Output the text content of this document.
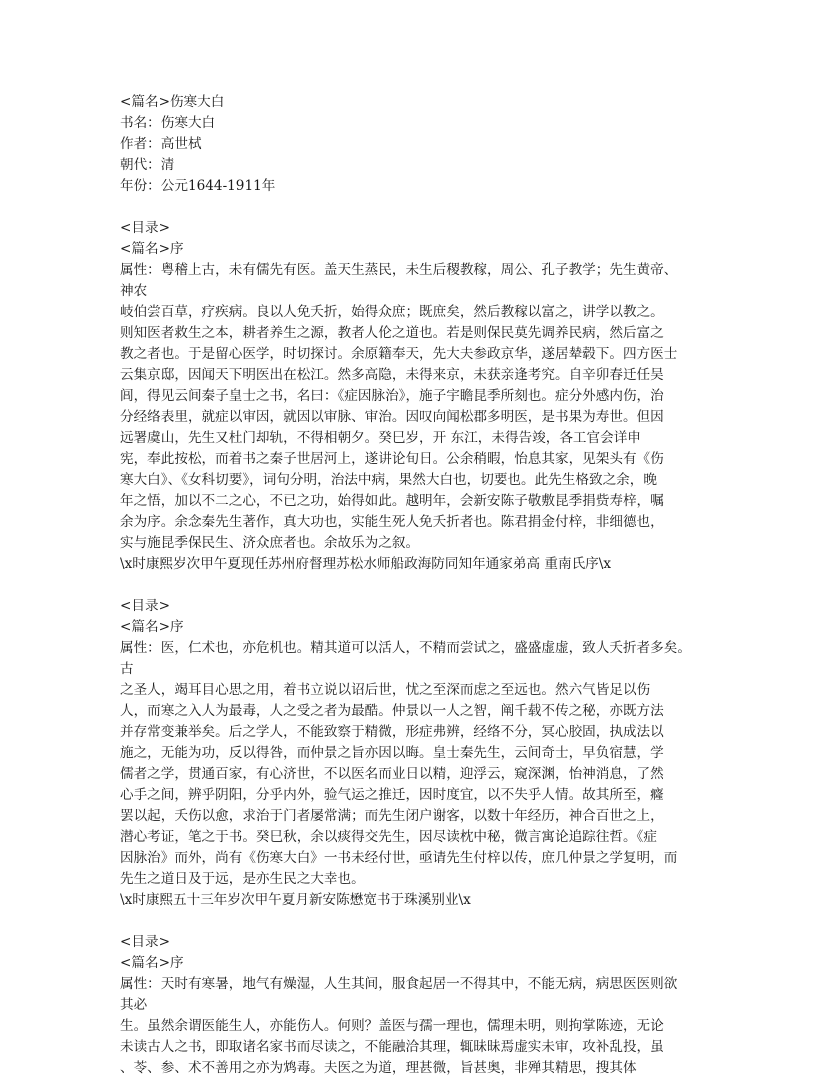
<篇名>伤寒大白
书名：伤寒大白
作者：高世栻
朝代：清
年份：公元1644-1911年
<目录>
<篇名>序
属性：粤稽上古，未有儒先有医。盖天生蒸民，未生后稷教稼，周公、孔子教学；先生黄帝、
神农
岐伯尝百草，疗疾病。良以人免夭折，始得众庶；既庶矣，然后教稼以富之，讲学以教之。
则知医者救生之本，耕者养生之源，教者人伦之道也。若是则保民莫先调养民病，然后富之
教之者也。于是留心医学，时切探讨。余原籍奉天，先大夫参政京华，遂居辇毂下。四方医士
云集京邸，因闻天下明医出在松江。然多高隐，未得来京，未获亲逢考究。自辛卯春迁任吴
闾，得见云间秦子皇士之书，名曰：《症因脉治》，施子宇瞻昆季所刻也。症分外感内伤，治
分经络表里，就症以审因，就因以审脉、审治。因叹向闻松郡多明医，是书果为寿世。但因
远署虞山，先生又杜门却轨，不得相朝夕。癸巳岁，开 东江，未得告竣，各工官会详申
宪，奉此按松，而着书之秦子世居河上，遂讲论旬日。公余稍暇，怡息其家，见架头有《伤
寒大白》、《女科切要》，词句分明，治法中病，果然大白也，切要也。此先生格致之余，晚
年之悟，加以不二之心，不已之功，始得如此。越明年，会新安陈子敬敷昆季捐赀寿梓，嘱
余为序。余念秦先生著作，真大功也，实能生死人免夭折者也。陈君捐金付梓，非细德也，
实与施昆季保民生、济众庶者也。余故乐为之叙。
\x时康熙岁次甲午夏现任苏州府督理苏松水师船政海防同知年通家弟高 重南氏序\x
<目录>
<篇名>序
属性：医，仁术也，亦危机也。精其道可以活人，不精而尝试之，盛盛虚虚，致人夭折者多矣。
古
之圣人，竭耳目心思之用，着书立说以诏后世，忧之至深而虑之至远也。然六气皆足以伤
人，而寒之入人为最毒，人之受之者为最酷。仲景以一人之智，阐千载不传之秘，亦既方法
并存常变兼举矣。后之学人，不能致察于精微，形症弗辨，经络不分，冥心胶固，执成法以
施之，无能为功，反以得咎，而仲景之旨亦因以晦。皇士秦先生，云间奇士，早负宿慧，学
儒者之学，贯通百家，有心济世，不以医名而业日以精，迎浮云，窥深渊，怡神消息，了然
心手之间，辨乎阴阳，分乎内外，验气运之推迁，因时度宜，以不失乎人情。故其所至，癃
罢以起，夭伤以愈，求治于门者屡常满；而先生闭户谢客，以数十年经历，神合百世之上，
潜心考证，笔之于书。癸巳秋，余以痰得交先生，因尽读枕中秘，微言寓论追踪往哲。《症
因脉治》而外，尚有《伤寒大白》一书未经付世，亟请先生付梓以传，庶几仲景之学复明，而
先生之道日及于远，是亦生民之大幸也。
\x时康熙五十三年岁次甲午夏月新安陈懋宽书于珠溪别业\x
<目录>
<篇名>序
属性：天时有寒暑，地气有燥湿，人生其间，服食起居一不得其中，不能无病，病思医医则欲
其必
生。虽然余谓医能生人，亦能伤人。何则？盖医与孺一理也，儒理未明，则拘掌陈迹，无论
未读古人之书，即取诸名家书而尽读之，不能融洽其理，辄昧昧焉虚实未审，攻补乱投，虽
、苓、参、术不善用之亦为鸩毒。夫医之为道，理甚微，旨甚奥，非殚其精思，搜其体
